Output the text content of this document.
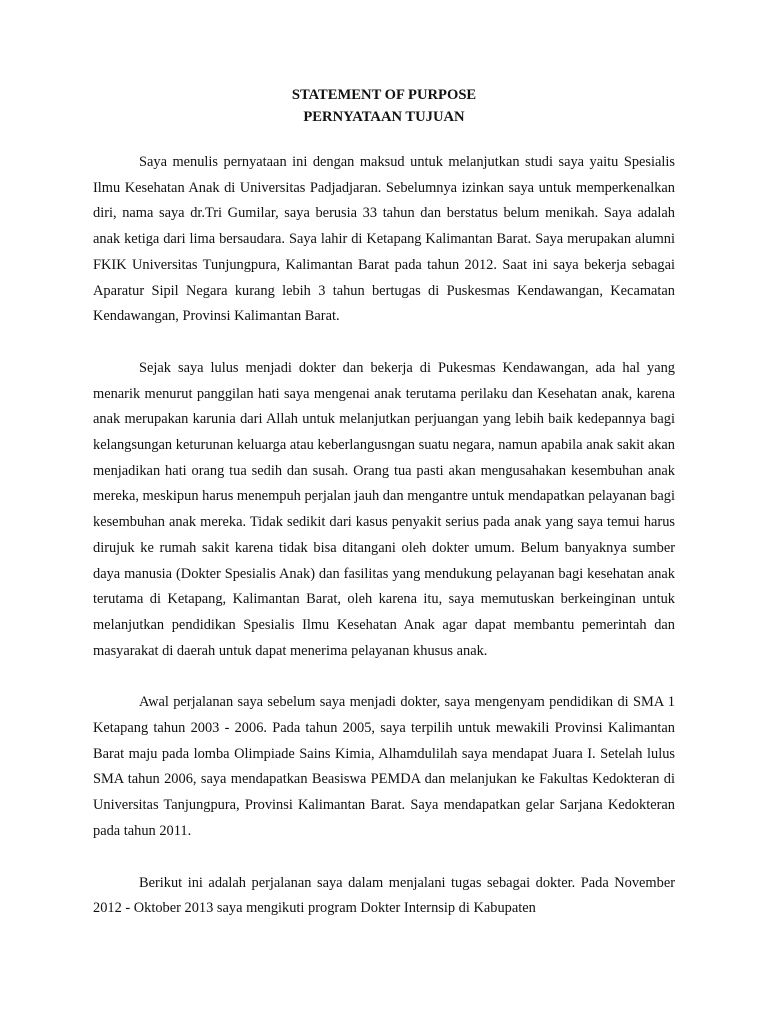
STATEMENT OF PURPOSE

PERNYATAAN TUJUAN

Saya menulis pernyataan ini dengan maksud untuk melanjutkan studi saya yaitu Spesialis Ilmu Kesehatan Anak di Universitas Padjadjaran. Sebelumnya izinkan saya untuk memperkenalkan diri, nama saya dr.Tri Gumilar, saya berusia 33 tahun dan berstatus belum menikah. Saya adalah anak ketiga dari lima bersaudara. Saya lahir di Ketapang Kalimantan Barat. Saya merupakan alumni FKIK Universitas Tunjungpura, Kalimantan Barat pada tahun 2012. Saat ini saya bekerja sebagai Aparatur Sipil Negara kurang lebih 3 tahun bertugas di Puskesmas Kendawangan, Kecamatan Kendawangan, Provinsi Kalimantan Barat.

Sejak saya lulus menjadi dokter dan bekerja di Pukesmas Kendawangan, ada hal yang menarik menurut panggilan hati saya mengenai anak terutama perilaku dan Kesehatan anak, karena anak merupakan karunia dari Allah untuk melanjutkan perjuangan yang lebih baik kedepannya bagi kelangsungan keturunan keluarga atau keberlangusngan suatu negara, namun apabila anak sakit akan menjadikan hati orang tua sedih dan susah. Orang tua pasti akan mengusahakan kesembuhan anak mereka, meskipun harus menempuh perjalan jauh dan mengantre untuk mendapatkan pelayanan bagi kesembuhan anak mereka. Tidak sedikit dari kasus penyakit serius pada anak yang saya temui harus dirujuk ke rumah sakit karena tidak bisa ditangani oleh dokter umum. Belum banyaknya sumber daya manusia (Dokter Spesialis Anak) dan fasilitas yang mendukung pelayanan bagi kesehatan anak terutama di Ketapang, Kalimantan Barat, oleh karena itu, saya memutuskan berkeinginan untuk melanjutkan pendidikan Spesialis Ilmu Kesehatan Anak agar dapat membantu pemerintah dan masyarakat di daerah untuk dapat menerima pelayanan khusus anak.

Awal perjalanan saya sebelum saya menjadi dokter, saya mengenyam pendidikan di SMA 1 Ketapang tahun 2003 - 2006. Pada tahun 2005, saya terpilih untuk mewakili Provinsi Kalimantan Barat maju pada lomba Olimpiade Sains Kimia, Alhamdulilah saya mendapat Juara I. Setelah lulus SMA tahun 2006, saya mendapatkan Beasiswa PEMDA dan melanjukan ke Fakultas Kedokteran di Universitas Tanjungpura, Provinsi Kalimantan Barat. Saya mendapatkan gelar Sarjana Kedokteran pada tahun 2011.

Berikut ini adalah perjalanan saya dalam menjalani tugas sebagai dokter. Pada November 2012 - Oktober 2013 saya mengikuti program Dokter Internsip di Kabupaten
